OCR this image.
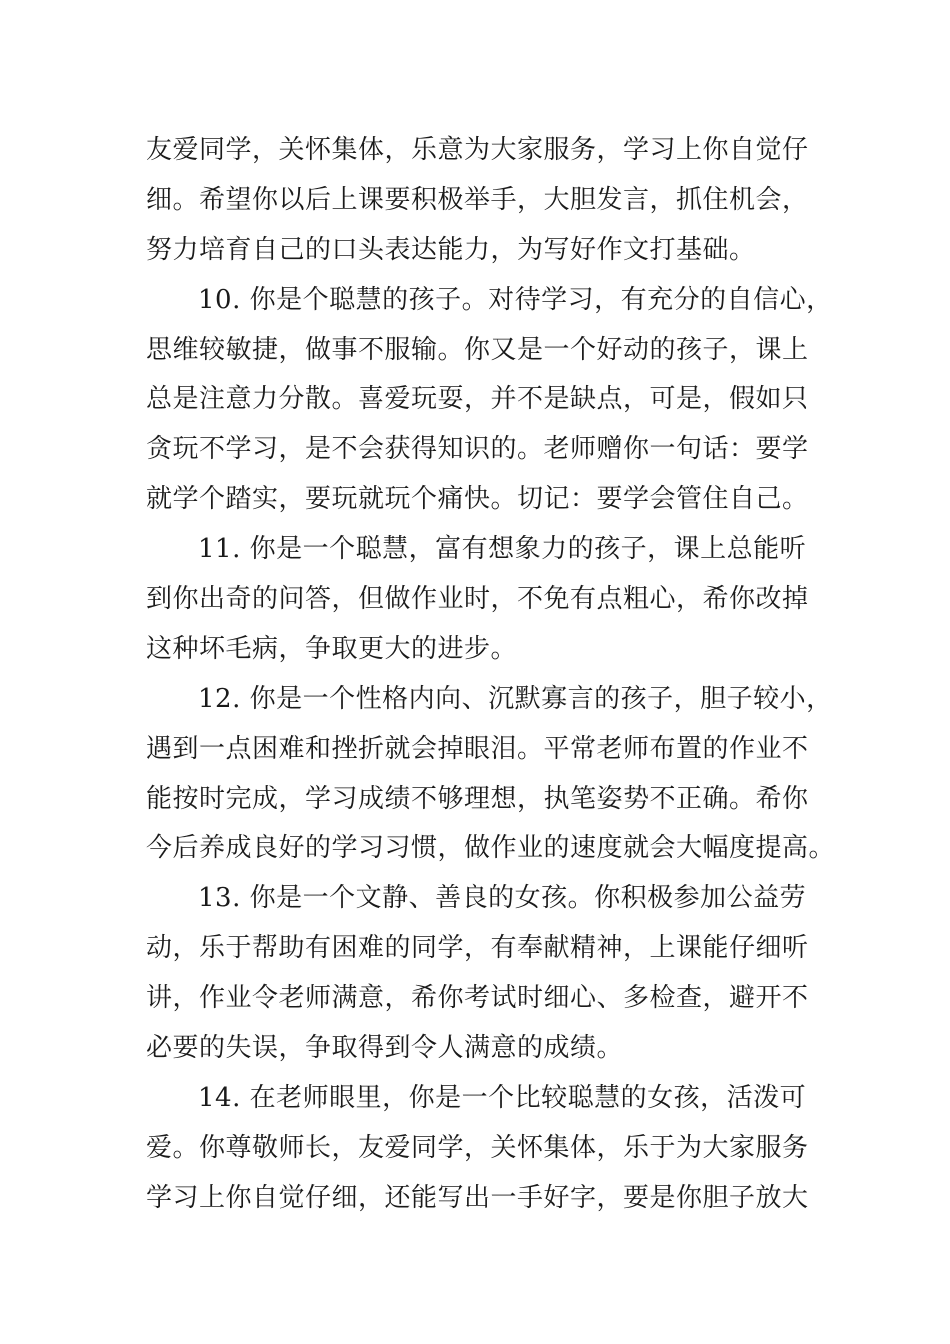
友爱同学，关怀集体，乐意为大家服务，学习上你自觉仔
细。希望你以后上课要积极举手，大胆发言，抓住机会，
努力培育自己的口头表达能力，为写好作文打基础。
10. 你是个聪慧的孩子。对待学习，有充分的自信心，
思维较敏捷，做事不服输。你又是一个好动的孩子，课上
总是注意力分散。喜爱玩耍，并不是缺点，可是，假如只
贪玩不学习，是不会获得知识的。老师赠你一句话：要学
就学个踏实，要玩就玩个痛快。切记：要学会管住自己。
11. 你是一个聪慧，富有想象力的孩子，课上总能听
到你出奇的问答，但做作业时，不免有点粗心，希你改掉
这种坏毛病，争取更大的进步。
12. 你是一个性格内向、沉默寡言的孩子，胆子较小，
遇到一点困难和挫折就会掉眼泪。平常老师布置的作业不
能按时完成，学习成绩不够理想，执笔姿势不正确。希你
今后养成良好的学习习惯，做作业的速度就会大幅度提高。
13. 你是一个文静、善良的女孩。你积极参加公益劳
动，乐于帮助有困难的同学，有奉献精神，上课能仔细听
讲，作业令老师满意，希你考试时细心、多检查，避开不
必要的失误，争取得到令人满意的成绩。
14. 在老师眼里，你是一个比较聪慧的女孩，活泼可
爱。你尊敬师长，友爱同学，关怀集体，乐于为大家服务
学习上你自觉仔细，还能写出一手好字，要是你胆子放大
